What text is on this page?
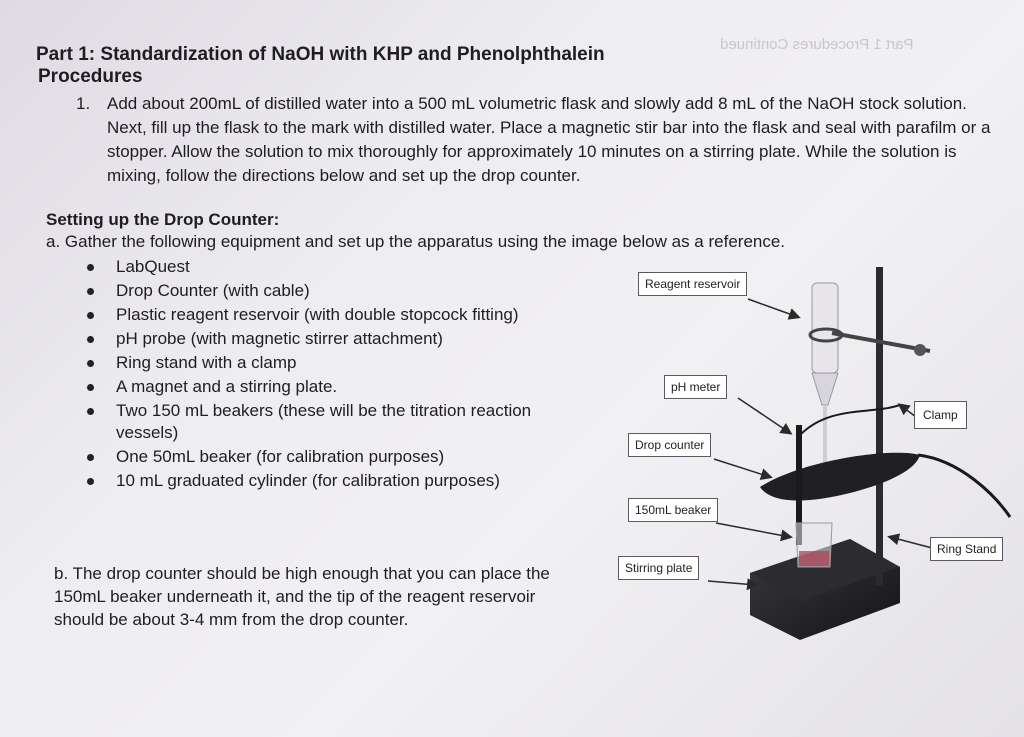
Part 1 Procedures Continued
Part 1: Standardization of NaOH with KHP and Phenolphthalein
Procedures
1. Add about 200mL of distilled water into a 500 mL volumetric flask and slowly add 8 mL of the NaOH stock solution. Next, fill up the flask to the mark with distilled water. Place a magnetic stir bar into the flask and seal with parafilm or a stopper. Allow the solution to mix thoroughly for approximately 10 minutes on a stirring plate. While the solution is mixing, follow the directions below and set up the drop counter.
Setting up the Drop Counter:
a. Gather the following equipment and set up the apparatus using the image below as a reference.
LabQuest
Drop Counter (with cable)
Plastic reagent reservoir (with double stopcock fitting)
pH probe (with magnetic stirrer attachment)
Ring stand with a clamp
A magnet and a stirring plate.
Two 150 mL beakers (these will be the titration reaction vessels)
One 50mL beaker (for calibration purposes)
10 mL graduated cylinder (for calibration purposes)
b. The drop counter should be high enough that you can place the 150mL beaker underneath it, and the tip of the reagent reservoir should be about 3-4 mm from the drop counter.
Reagent reservoir
pH meter
Drop counter
150mL beaker
Stirring plate
Clamp
Ring Stand
